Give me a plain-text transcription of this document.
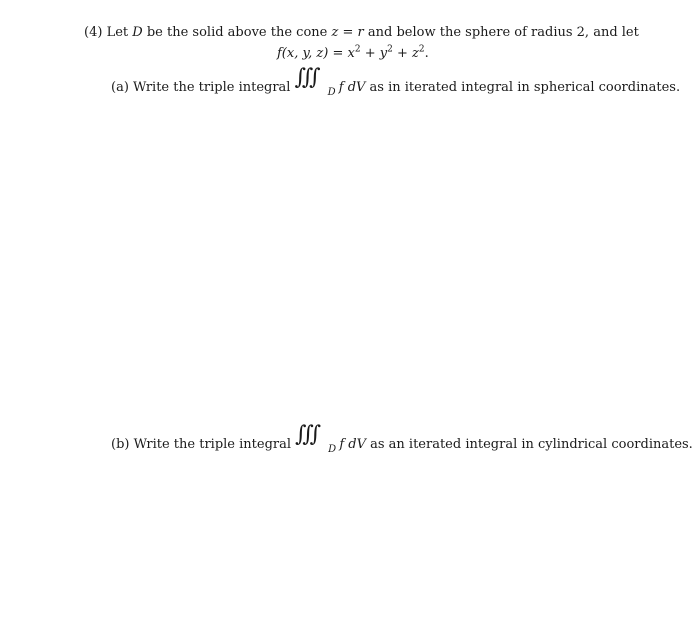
(4) Let D be the solid above the cone z = r and below the sphere of radius 2, and let
f(x, y, $z) = x^2 + y^2 + z^2$.
(a) Write the triple integral ∭
D f dV as in iterated integral in spherical coordinates.
(b) Write the triple integral ∭
D f dV as an iterated integral in cylindrical coordinates.
